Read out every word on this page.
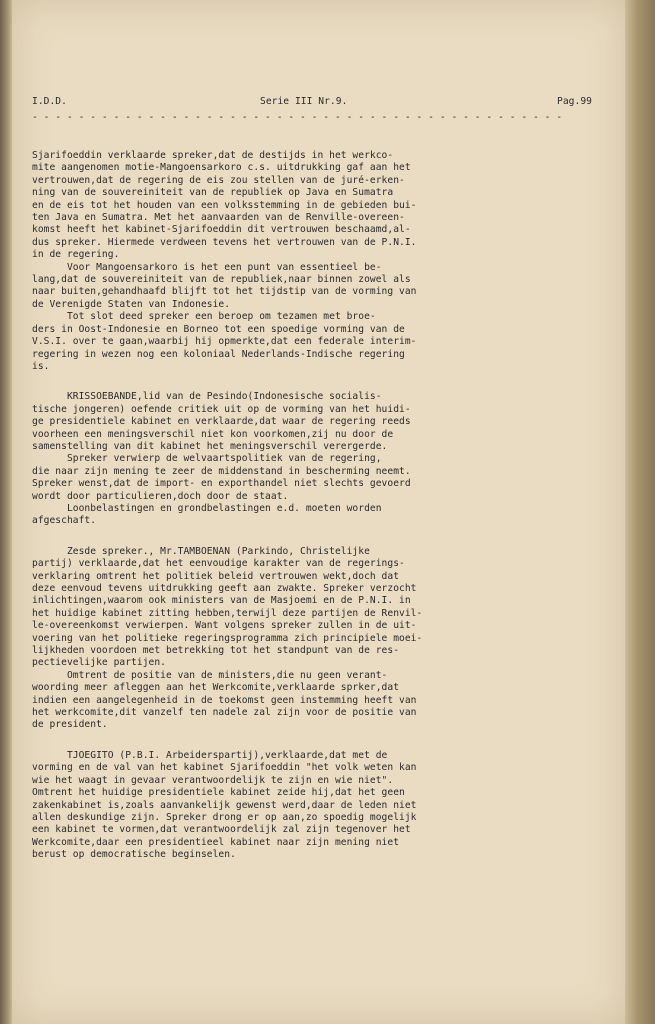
I.D.D.

	Serie III Nr.9.

	Pag.99

- - - - - - - - - - - - - - - - - - - - - - - - - - - - - - - - - - - - - - - - - - - - - -
Sjarifoeddin verklaarde spreker,dat de destijds in het werkco-
mite aangenomen motie-Mangoensarkoro c.s. uitdrukking gaf aan het
vertrouwen,dat de regering de eis zou stellen van de juré-erken-
ning van de souvereiniteit van de republiek op Java en Sumatra
en de eis tot het houden van een volksstemming in de gebieden bui-
ten Java en Sumatra. Met het aanvaarden van de Renville-overeen-
komst heeft het kabinet-Sjarifoeddin dit vertrouwen beschaamd,al-
dus spreker. Hiermede verdween tevens het vertrouwen van de P.N.I.
in de regering.
Voor Mangoensarkoro is het een punt van essentieel be-
lang,dat de souvereiniteit van de republiek,naar binnen zowel als
naar buiten,gehandhaafd blijft tot het tijdstip van de vorming van
de Verenigde Staten van Indonesie.
Tot slot deed spreker een beroep om tezamen met broe-
ders in Oost-Indonesie en Borneo tot een spoedige vorming van de
V.S.I. over te gaan,waarbij hij opmerkte,dat een federale interim-
regering in wezen nog een koloniaal Nederlands-Indische regering
is.
KRISSOEBANDE,lid van de Pesindo(Indonesische socialis-
tische jongeren) oefende critiek uit op de vorming van het huidi-
ge presidentiele kabinet en verklaarde,dat waar de regering reeds
voorheen een meningsverschil niet kon voorkomen,zij nu door de
samenstelling van dit kabinet het meningsverschil verergerde.
Spreker verwierp de welvaartspolitiek van de regering,
die naar zijn mening te zeer de middenstand in bescherming neemt.
Spreker wenst,dat de import- en exporthandel niet slechts gevoerd
wordt door particulieren,doch door de staat.
Loonbelastingen en grondbelastingen e.d. moeten worden
afgeschaft.
Zesde spreker., Mr.TAMBOENAN (Parkindo, Christelijke
partij) verklaarde,dat het eenvoudige karakter van de regerings-
verklaring omtrent het politiek beleid vertrouwen wekt,doch dat
deze eenvoud tevens uitdrukking geeft aan zwakte. Spreker verzocht
inlichtingen,waarom ook ministers van de Masjoemi en de P.N.I. in
het huidige kabinet zitting hebben,terwijl deze partijen de Renvil-
le-overeenkomst verwierpen. Want volgens spreker zullen in de uit-
voering van het politieke regeringsprogramma zich principiele moei-
lijkheden voordoen met betrekking tot het standpunt van de res-
pectievelijke partijen.
Omtrent de positie van de ministers,die nu geen verant-
woording meer afleggen aan het Werkcomite,verklaarde sprker,dat
indien een aangelegenheid in de toekomst geen instemming heeft van
het werkcomite,dit vanzelf ten nadele zal zijn voor de positie van
de president.
TJOEGITO (P.B.I. Arbeiderspartij),verklaarde,dat met de
vorming en de val van het kabinet Sjarifoeddin "het volk weten kan
wie het waagt in gevaar verantwoordelijk te zijn en wie niet".
Omtrent het huidige presidentiele kabinet zeide hij,dat het geen
zakenkabinet is,zoals aanvankelijk gewenst werd,daar de leden niet
allen deskundige zijn. Spreker drong er op aan,zo spoedig mogelijk
een kabinet te vormen,dat verantwoordelijk zal zijn tegenover het
Werkcomite,daar een presidentieel kabinet naar zijn mening niet
berust op democratische beginselen.
